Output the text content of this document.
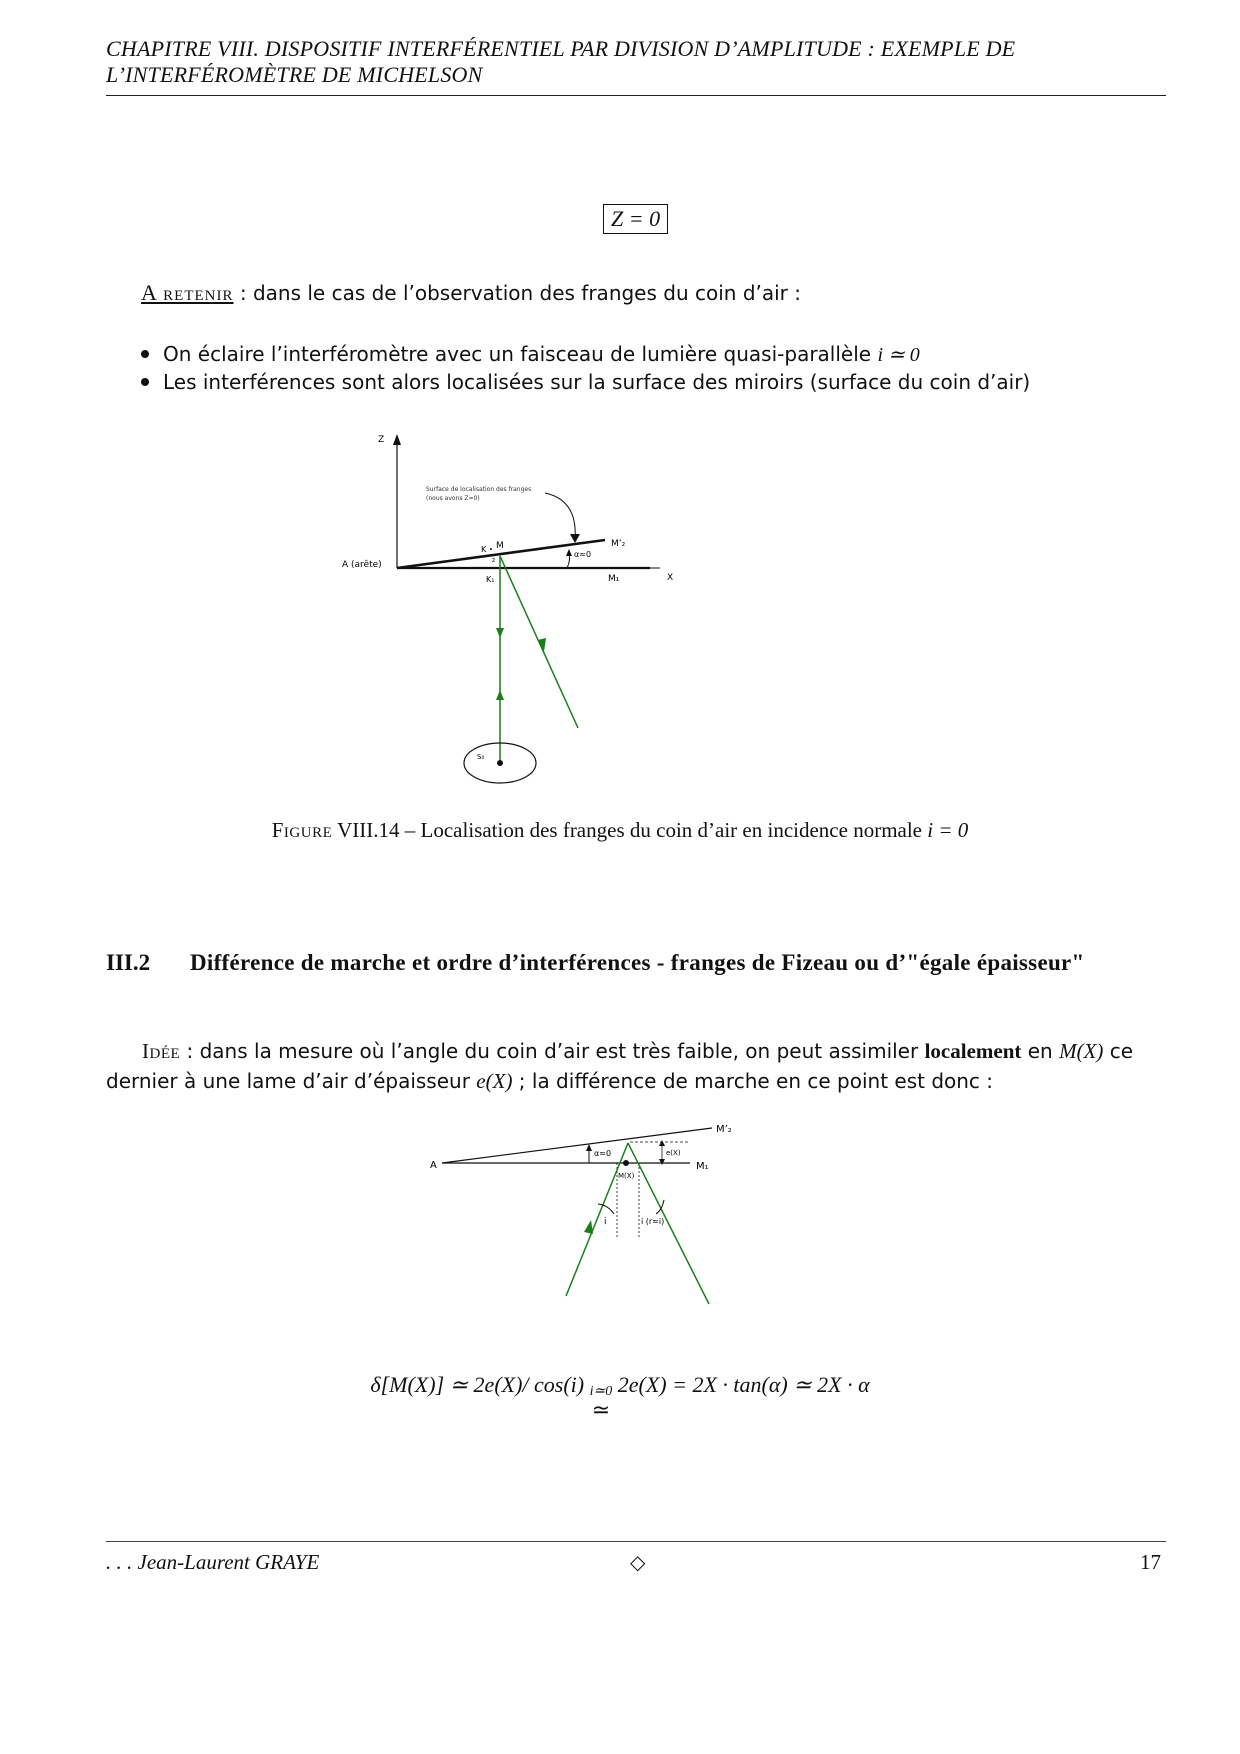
CHAPITRE VIII. DISPOSITIF INTERFÉRENTIEL PAR DIVISION D’AMPLITUDE : EXEMPLE DE
L’INTERFÉROMÈTRE DE MICHELSON
Z = 0
A retenir : dans le cas de l’observation des franges du coin d’air :
On éclaire l’interféromètre avec un faisceau de lumière quasi-parallèle i ≃ 0
Les interférences sont alors localisées sur la surface des miroirs (surface du coin d’air)
Z
X
A (arête)
Surface de localisation des franges
(nous avons Z=0)
K M
z
K₁
M’₂
M₁
α≈0
S₀
Figure VIII.14 – Localisation des franges du coin d’air en incidence normale i = 0
III.2 Différence de marche et ordre d’interférences - franges de Fizeau ou d’"égale épaisseur"
Idée : dans la mesure où l’angle du coin d’air est très faible, on peut assimiler localement en M(X) ce dernier à une lame d’air d’épaisseur e(X) ; la différence de marche en ce point est donc :
A
M’₂
M₁
α≈0	e(X)
M(X)
i	i (r≈i)
δ[M(X)] ≃ 2e(X)/ cos(i) i≃0
≃
2e(X) = 2X · tan(α) ≃ 2X · α
. . . Jean-Laurent GRAYE	◇	17
